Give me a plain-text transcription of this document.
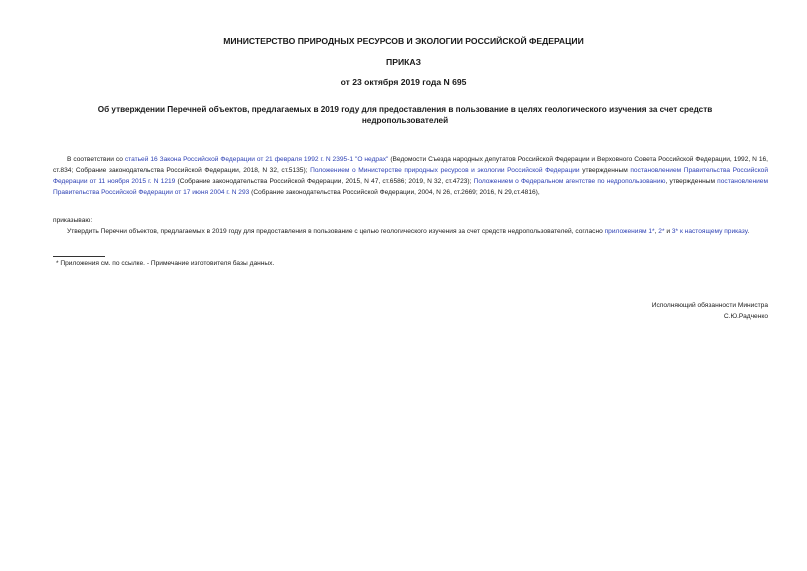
МИНИСТЕРСТВО ПРИРОДНЫХ РЕСУРСОВ И ЭКОЛОГИИ РОССИЙСКОЙ ФЕДЕРАЦИИ
ПРИКАЗ
от 23 октября 2019 года N 695
Об утверждении Перечней объектов, предлагаемых в 2019 году для предоставления в пользование в целях геологического изучения за счет средств недропользователей

В соответствии со статьей 16 Закона Российской Федерации от 21 февраля 1992 г. N 2395-1 "О недрах" (Ведомости Съезда народных депутатов Российской Федерации и Верховного Совета Российской Федерации, 1992, N 16, ст.834; Собрание законодательства Российской Федерации, 2018, N 32, ст.5135); Положением о Министерстве природных ресурсов и экологии Российской Федерации утвержденным постановлением Правительства Российской Федерации от 11 ноября 2015 г. N 1219 (Собрание законодательства Российской Федерации, 2015, N 47, ст.6586; 2019, N 32, ст.4723); Положением о Федеральном агентстве по недропользованию, утвержденным постановлением Правительства Российской Федерации от 17 июня 2004 г. N 293 (Собрание законодательства Российской Федерации, 2004, N 26, ст.2669; 2016, N 29,ст.4816),

приказываю:

Утвердить Перечни объектов, предлагаемых в 2019 году для предоставления в пользование с целью геологического изучения за счет средств недропользователей, согласно приложениям 1*, 2* и 3* к настоящему приказу.

* Приложения см. по ссылке. - Примечание изготовителя базы данных.
Исполняющий обязанности Министра
С.Ю.Радченко
